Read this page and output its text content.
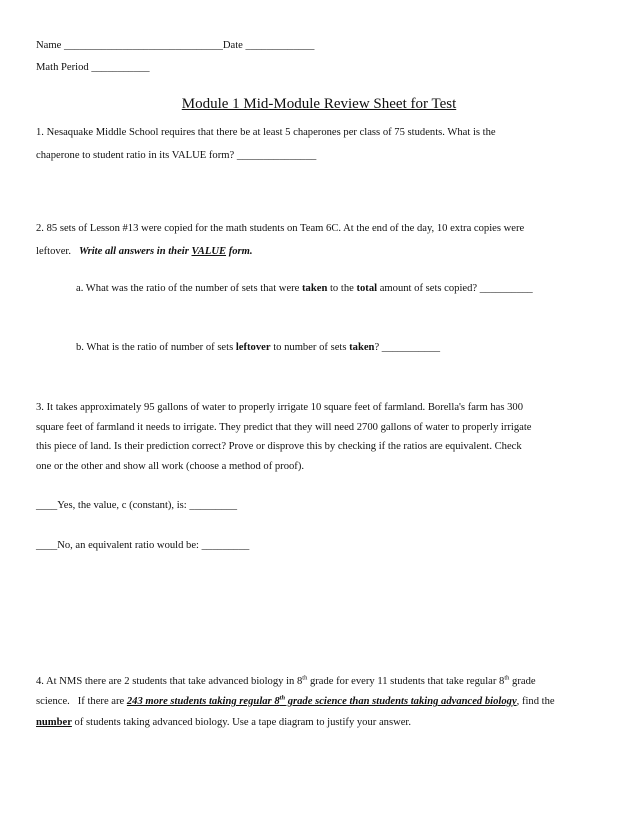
Name ______________________________Date _____________
Math Period ___________
Module 1 Mid-Module Review Sheet for Test
1. Nesaquake Middle School requires that there be at least 5 chaperones per class of 75 students. What is the
chaperone to student ratio in its VALUE form? _______________
2. 85 sets of Lesson #13 were copied for the math students on Team 6C. At the end of the day, 10 extra copies were
leftover.   Write all answers in their VALUE form.
a. What was the ratio of the number of sets that were taken to the total amount of sets copied? __________
b. What is the ratio of number of sets leftover to number of sets taken? ___________
3. It takes approximately 95 gallons of water to properly irrigate 10 square feet of farmland. Borella's farm has 300
square feet of farmland it needs to irrigate. They predict that they will need 2700 gallons of water to properly irrigate
this piece of land. Is their prediction correct? Prove or disprove this by checking if the ratios are equivalent. Check
one or the other and show all work (choose a method of proof).
____Yes, the value, c (constant), is: _________
____No, an equivalent ratio would be: _________
4. At NMS there are 2 students that take advanced biology in 8th grade for every 11 students that take regular 8th grade
science.   If there are 243 more students taking regular 8th grade science than students taking advanced biology, find the
number of students taking advanced biology. Use a tape diagram to justify your answer.
